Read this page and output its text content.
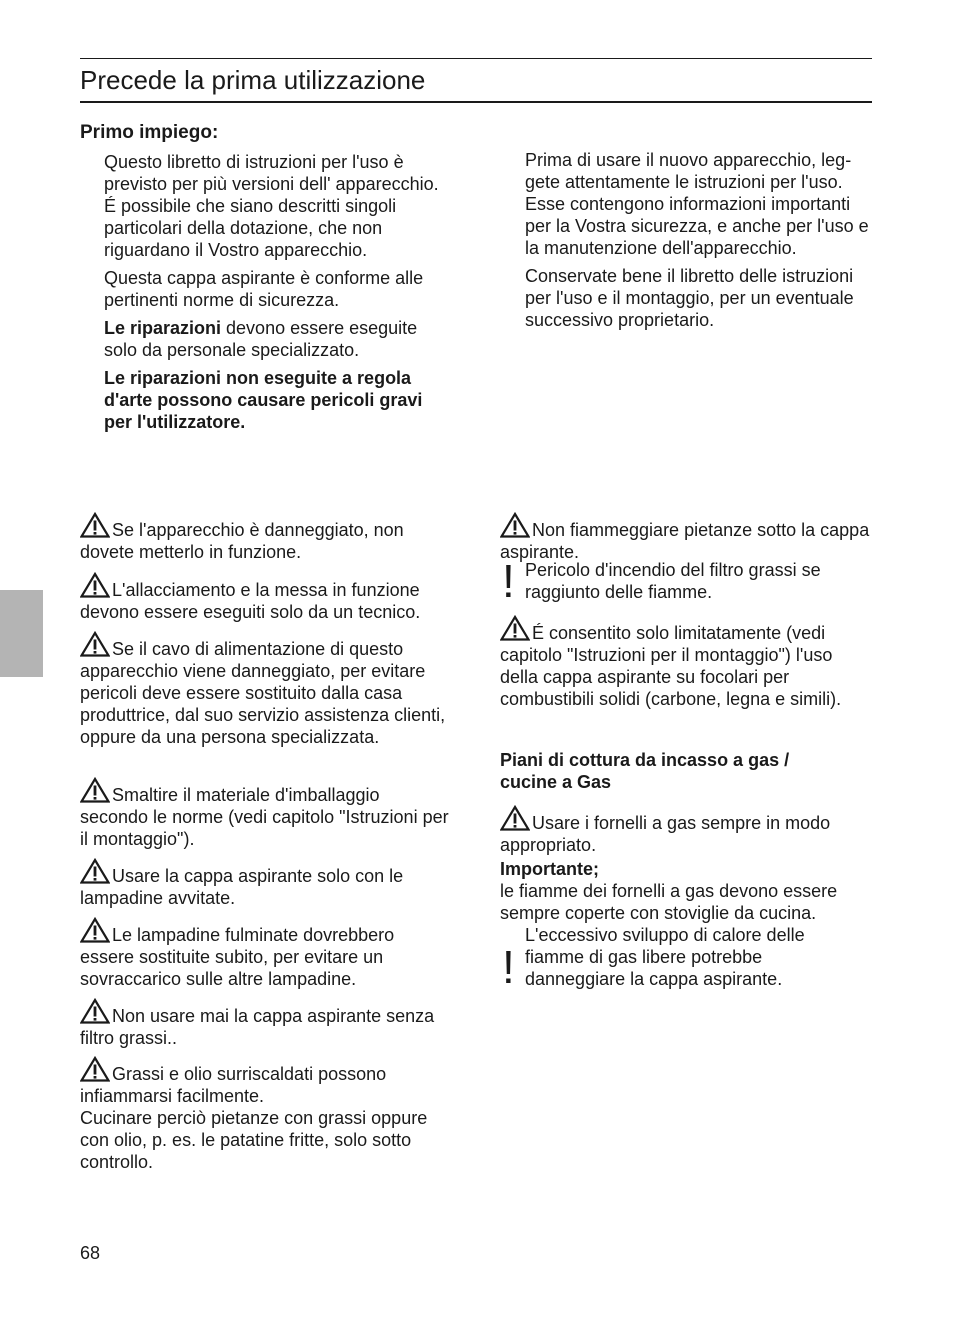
Precede la prima utilizzazione
Primo impiego:

Questo libretto di istruzioni per l'uso è previsto per più versioni dell' apparecchio. É possibile che siano descritti singoli particolari della dotazione, che non riguardano il Vostro apparecchio.

Questa cappa aspirante è conforme alle pertinenti norme di sicurezza.

Le riparazioni devono essere eseguite solo da personale specializzato.

Le riparazioni non eseguite a regola d'arte possono causare pericoli gravi per l'utilizzatore.

Prima di usare il nuovo apparecchio, leggete attentamente le istruzioni per l'uso. Esse contengono informazioni importanti per la Vostra sicurezza, e anche per l'uso e la manutenzione dell'apparecchio.

Conservate bene il libretto delle istruzioni per l'uso e il montaggio, per un eventuale successivo proprietario.

Se l'apparecchio è danneggiato, non dovete metterlo in funzione.

L'allacciamento e la messa in funzione devono essere eseguiti solo da un tecnico.

Se il cavo di alimentazione di questo apparecchio viene danneggiato, per evitare pericoli deve essere sostituito dalla casa produttrice, dal suo servizio assistenza clienti, oppure da una persona specializzata.

Smaltire il materiale d'imballaggio secondo le norme (vedi capitolo "Istruzioni per il montaggio").

Usare la cappa aspirante solo con le lampadine avvitate.

Le lampadine fulminate dovrebbero essere sostituite subito, per evitare un sovraccarico sulle altre lampadine.

Non usare mai la cappa aspirante senza filtro grassi..

Grassi e olio surriscaldati possono infiammarsi facilmente.
Cucinare perciò pietanze con grassi oppure con olio, p. es. le patatine fritte, solo sotto controllo.

Non fiammeggiare pietanze sotto la cappa aspirante.

! Pericolo d'incendio del filtro grassi se raggiunto delle fiamme.

É consentito solo limitatamente (vedi capitolo "Istruzioni per il montaggio") l'uso della cappa aspirante su focolari per combustibili solidi (carbone, legna e simili).

Piani di cottura da incasso a gas / cucine a Gas

Usare i fornelli a gas sempre in modo appropriato.

Importante;
le fiamme dei fornelli a gas devono essere sempre coperte con stoviglie da cucina.

!

L'eccessivo sviluppo di calore delle fiamme di gas libere potrebbe danneggiare la cappa aspirante.

68
